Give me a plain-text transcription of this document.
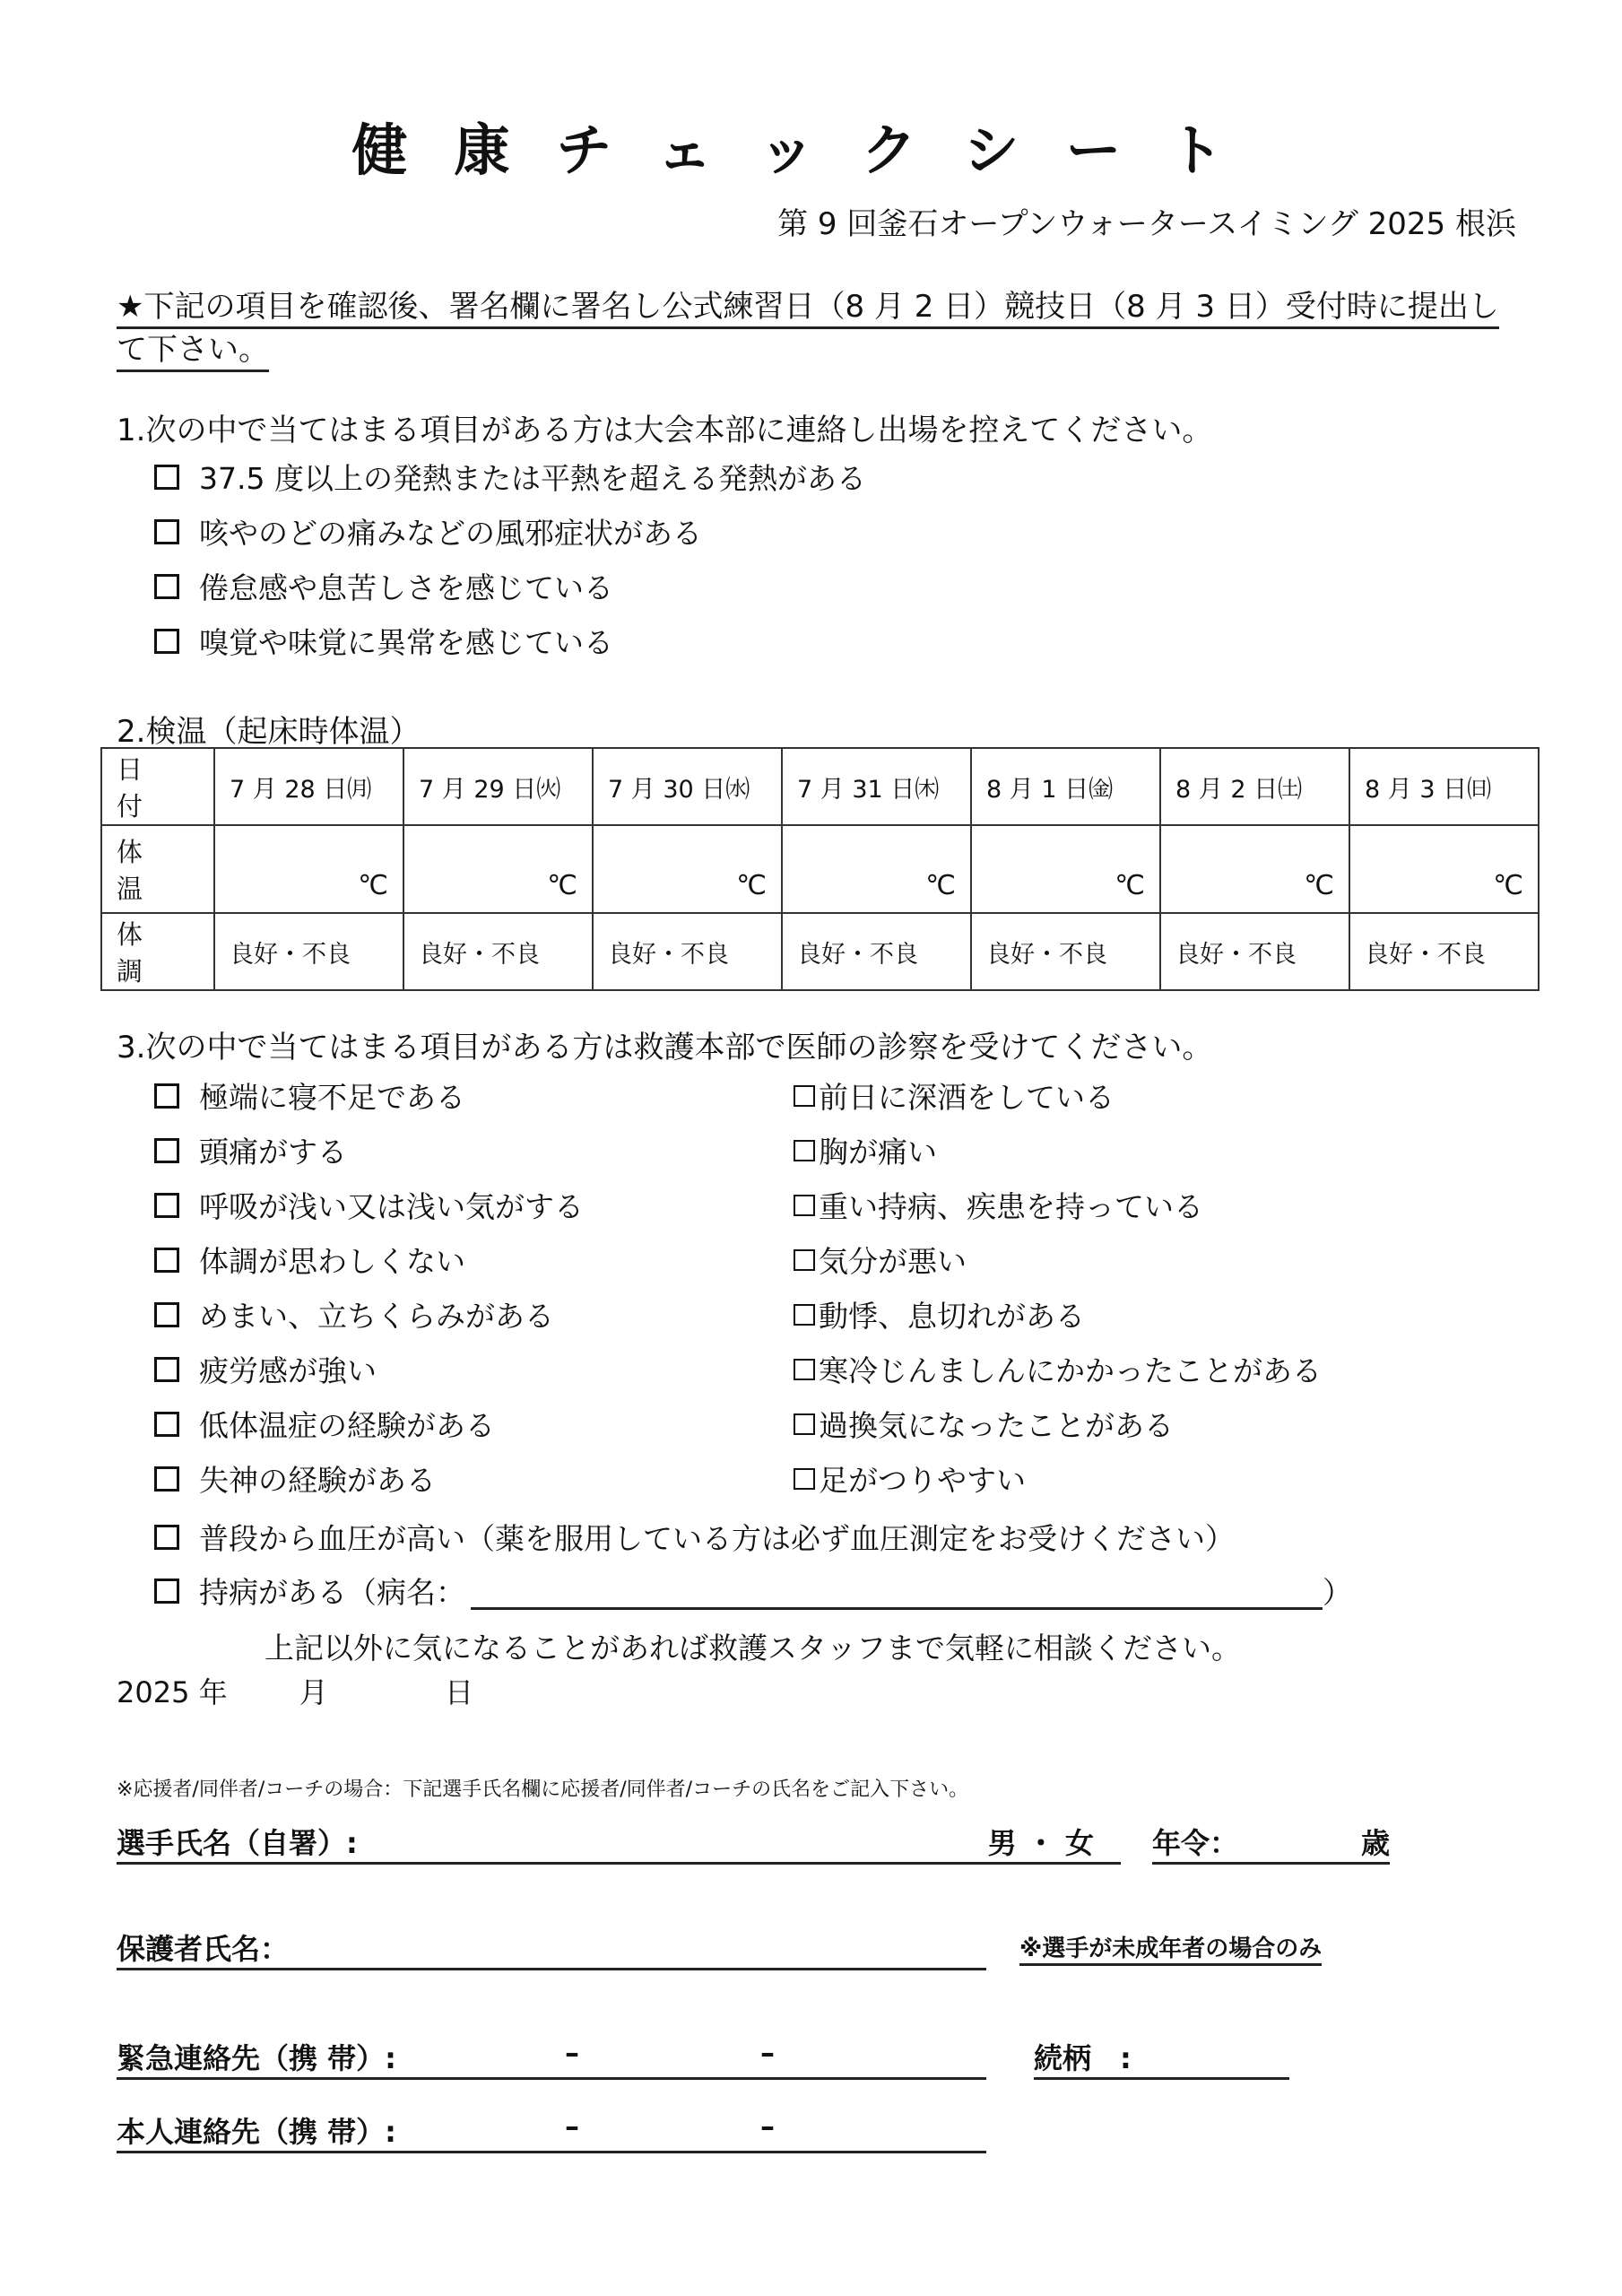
健康チェックシート
第 9 回釜石オープンウォータースイミング 2025 根浜
★下記の項目を確認後、署名欄に署名し公式練習日（8 月 2 日）競技日（8 月 3 日）受付時に提出して下さい。
1.次の中で当てはまる項目がある方は大会本部に連絡し出場を控えてください。
37.5 度以上の発熱または平熱を超える発熱がある
咳やのどの痛みなどの風邪症状がある
倦怠感や息苦しさを感じている
嗅覚や味覚に異常を感じている
2.検温（起床時体温）
日 付	7 月 28 日㈪	7 月 29 日㈫	7 月 30 日㈬	7 月 31 日㈭	8 月 1 日㈮	8 月 2 日㈯	8 月 3 日㈰
体 温	℃	℃	℃	℃	℃	℃	℃
体 調	良好・不良	良好・不良	良好・不良	良好・不良	良好・不良	良好・不良	良好・不良
3.次の中で当てはまる項目がある方は救護本部で医師の診察を受けてください。
極端に寝不足である
頭痛がする
呼吸が浅い又は浅い気がする
体調が思わしくない
めまい、立ちくらみがある
疲労感が強い
低体温症の経験がある
失神の経験がある
前日に深酒をしている
胸が痛い
重い持病、疾患を持っている
気分が悪い
動悸、息切れがある
寒冷じんましんにかかったことがある
過換気になったことがある
足がつりやすい
普段から血圧が高い（薬を服用している方は必ず血圧測定をお受けください）
持病がある（病名：	）
上記以外に気になることがあれば救護スタッフまで気軽に相談ください。
2025 年	月	日
※応援者/同伴者/コーチの場合：下記選手氏名欄に応援者/同伴者/コーチの氏名をご記入下さい。
選手氏名（自署）:	男 ・ 女 年令：	歳
保護者氏名：	※選手が未成年者の場合のみ
緊急連絡先（携 帯）:	–	–	続柄　:
本人連絡先（携 帯）:	–	–
